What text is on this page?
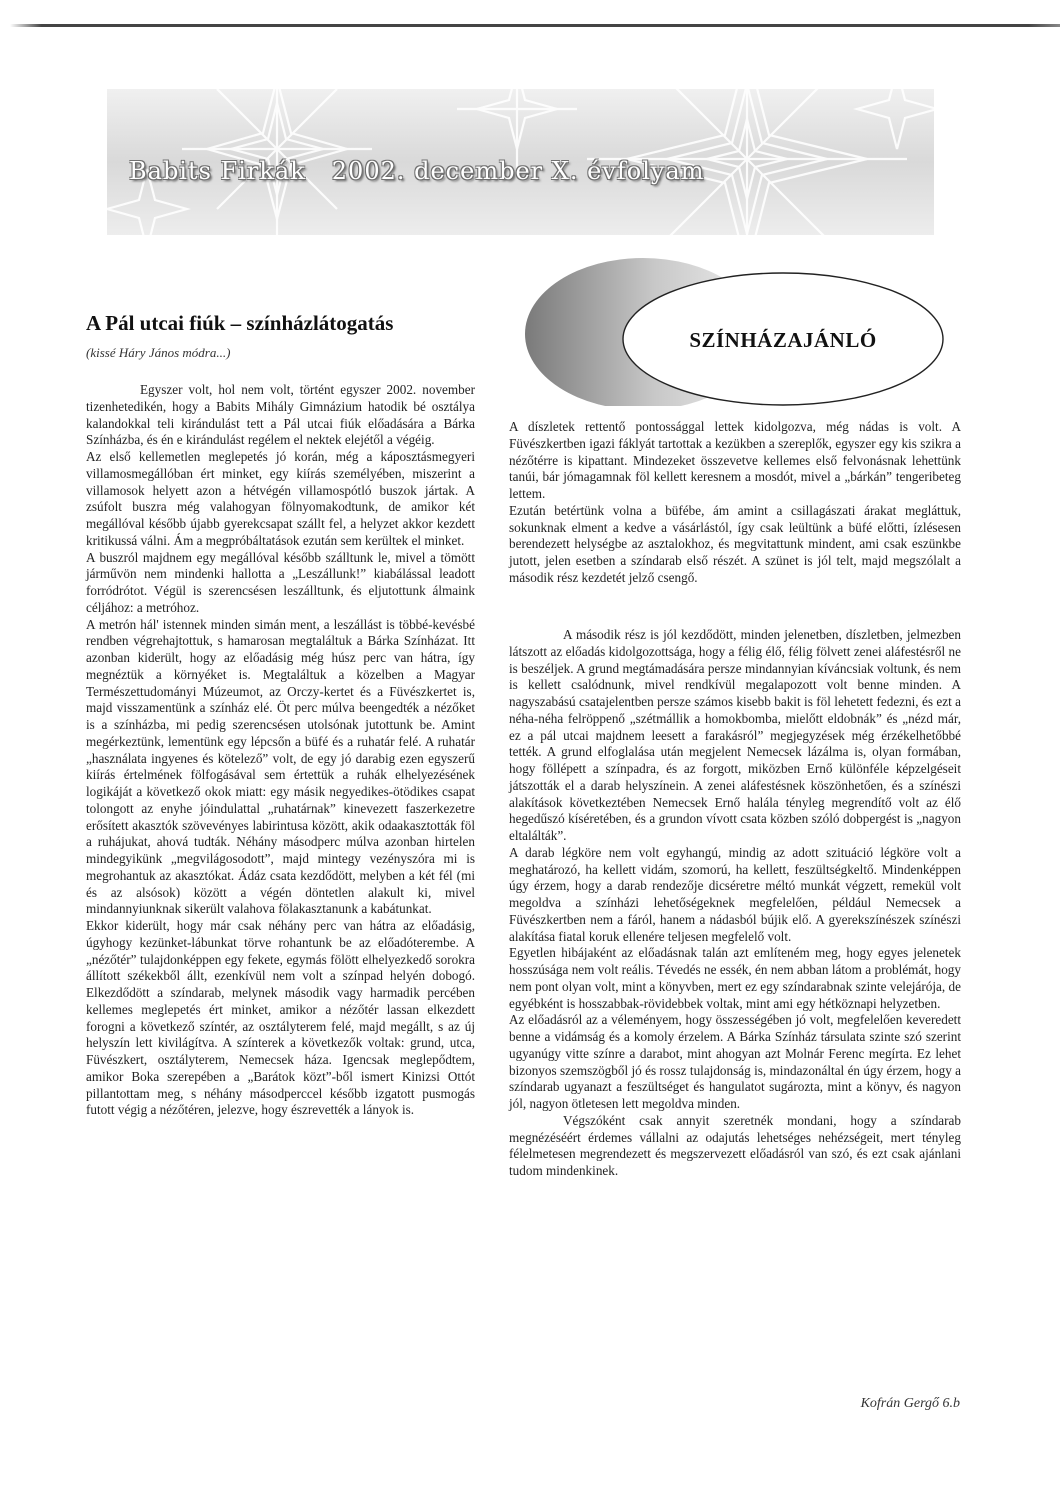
Babits Firkák 2002. december X. évfolyam
A Pál utcai fiúk – színházlátogatás
(kissé Háry János módra...)
SZÍNHÁZAJÁNLÓ

Egyszer volt, hol nem volt, történt egyszer 2002. november tizenhetedikén, hogy a Babits Mihály Gimnázium hatodik bé osztálya kalandokkal teli kirándulást tett a Pál utcai fiúk előadására a Bárka Színházba, és én e kirándulást regélem el nektek elejétől a végéig.

Az első kellemetlen meglepetés jó korán, még a káposztásmegyeri villamosmegállóban ért minket, egy kiírás személyében, miszerint a villamosok helyett azon a hétvégén villamospótló buszok jártak. A zsúfolt buszra még valahogyan fölnyomakodtunk, de amikor két megállóval később újabb gyerekcsapat szállt fel, a helyzet akkor kezdett kritikussá válni. Ám a megpróbáltatások ezután sem kerültek el minket.

A buszról majdnem egy megállóval később szálltunk le, mivel a tömött járművön nem mindenki hallotta a „Leszállunk!” kiabálással leadott forródrótot. Végül is szerencsésen leszálltunk, és eljutottunk álmaink céljához: a metróhoz.

A metrón hál' istennek minden simán ment, a leszállást is többé-kevésbé rendben végrehajtottuk, s hamarosan megtaláltuk a Bárka Színházat. Itt azonban kiderült, hogy az előadásig még húsz perc van hátra, így megnéztük a környéket is. Megtaláltuk a közelben a Magyar Természettudományi Múzeumot, az Orczy-kertet és a Füvészkertet is, majd visszamentünk a színház elé. Öt perc múlva beengedték a nézőket is a színházba, mi pedig szerencsésen utolsónak jutottunk be. Amint megérkeztünk, lementünk egy lépcsőn a büfé és a ruhatár felé. A ruhatár „használata ingyenes és kötelező” volt, de egy jó darabig ezen egyszerű kiírás értelmének fölfogásával sem értettük a ruhák elhelyezésének logikáját a következő okok miatt: egy másik negyedikes-ötödikes csapat tolongott az enyhe jóindulattal „ruhatárnak” kinevezett faszerkezetre erősített akasztók szövevényes labirintusa között, akik odaakasztották föl a ruhájukat, ahová tudták. Néhány másodperc múlva azonban hirtelen mindegyikünk „megvilágosodott”, majd mintegy vezényszóra mi is megrohantuk az akasztókat. Ádáz csata kezdődött, melyben a két fél (mi és az alsósok) között a végén döntetlen alakult ki, mivel mindannyiunknak sikerült valahova fölakasztanunk a kabátunkat.

Ekkor kiderült, hogy már csak néhány perc van hátra az előadásig, úgyhogy kezünket-lábunkat törve rohantunk be az előadóterembe. A „nézőtér” tulajdonképpen egy fekete, egymás fölött elhelyezkedő sorokra állított székekből állt, ezenkívül nem volt a színpad helyén dobogó. Elkezdődött a színdarab, melynek második vagy harmadik percében kellemes meglepetés ért minket, amikor a nézőtér lassan elkezdett forogni a következő színtér, az osztályterem felé, majd megállt, s az új helyszín lett kivilágítva. A színterek a következők voltak: grund, utca, Füvészkert, osztályterem, Nemecsek háza. Igencsak meglepődtem, amikor Boka szerepében a „Barátok közt”-ből ismert Kinizsi Ottót pillantottam meg, s néhány másodperccel később izgatott pusmogás futott végig a nézőtéren, jelezve, hogy észrevették a lányok is.

A díszletek rettentő pontossággal lettek kidolgozva, még nádas is volt. A Füvészkertben igazi fáklyát tartottak a kezükben a szereplők, egyszer egy kis szikra a nézőtérre is kipattant. Mindezeket összevetve kellemes első felvonásnak lehettünk tanúi, bár jómagamnak föl kellett keresnem a mosdót, mivel a „bárkán” tengeribeteg lettem.

Ezután betértünk volna a büfébe, ám amint a csillagászati árakat megláttuk, sokunknak elment a kedve a vásárlástól, így csak leültünk a büfé előtti, ízlésesen berendezett helységbe az asztalokhoz, és megvitattunk mindent, ami csak eszünkbe jutott, jelen esetben a színdarab első részét. A szünet is jól telt, majd megszólalt a második rész kezdetét jelző csengő.

A második rész is jól kezdődött, minden jelenetben, díszletben, jelmezben látszott az előadás kidolgozottsága, hogy a félig élő, félig fölvett zenei aláfestésről ne is beszéljek. A grund megtámadására persze mindannyian kíváncsiak voltunk, és nem is kellett csalódnunk, mivel rendkívül megalapozott volt benne minden. A nagyszabású csatajelentben persze számos kisebb bakit is föl lehetett fedezni, és ezt a néha-néha felröppenő „szétmállik a homokbomba, mielőtt eldobnák” és „nézd már, ez a pál utcai majdnem leesett a farakásról” megjegyzések még érzékelhetőbbé tették. A grund elfoglalása után megjelent Nemecsek lázálma is, olyan formában, hogy föllépett a színpadra, és az forgott, miközben Ernő különféle képzelgéseit játszották el a darab helyszínein. A zenei aláfestésnek köszönhetően, és a színészi alakítások következtében Nemecsek Ernő halála tényleg megrendítő volt az élő hegedűszó kíséretében, és a grundon vívott csata közben szóló dobpergést is „nagyon eltalálták”.

A darab légköre nem volt egyhangú, mindig az adott szituáció légköre volt a meghatározó, ha kellett vidám, szomorú, ha kellett, feszültségkeltő. Mindenképpen úgy érzem, hogy a darab rendezője dicséretre méltó munkát végzett, remekül volt megoldva a színházi lehetőségeknek megfelelően, például Nemecsek a Füvészkertben nem a fáról, hanem a nádasból bújik elő. A gyerekszínészek színészi alakítása fiatal koruk ellenére teljesen megfelelő volt.

Egyetlen hibájaként az előadásnak talán azt említeném meg, hogy egyes jelenetek hosszúsága nem volt reális. Tévedés ne essék, én nem abban látom a problémát, hogy nem pont olyan volt, mint a könyvben, mert ez egy színdarabnak szinte velejárója, de egyébként is hosszabbak-rövidebbek voltak, mint ami egy hétköznapi helyzetben.

Az előadásról az a véleményem, hogy összességében jó volt, megfelelően keveredett benne a vidámság és a komoly érzelem. A Bárka Színház társulata szinte szó szerint ugyanúgy vitte színre a darabot, mint ahogyan azt Molnár Ferenc megírta. Ez lehet bizonyos szemszögből jó és rossz tulajdonság is, mindazonáltal én úgy érzem, hogy a színdarab ugyanazt a feszültséget és hangulatot sugározta, mint a könyv, és nagyon jól, nagyon ötletesen lett megoldva minden.

Végszóként csak annyit szeretnék mondani, hogy a színdarab megnézéséért érdemes vállalni az odajutás lehetséges nehézségeit, mert tényleg félelmetesen megrendezett és megszervezett előadásról van szó, és ezt csak ajánlani tudom mindenkinek.

Kofrán Gergő 6.b
